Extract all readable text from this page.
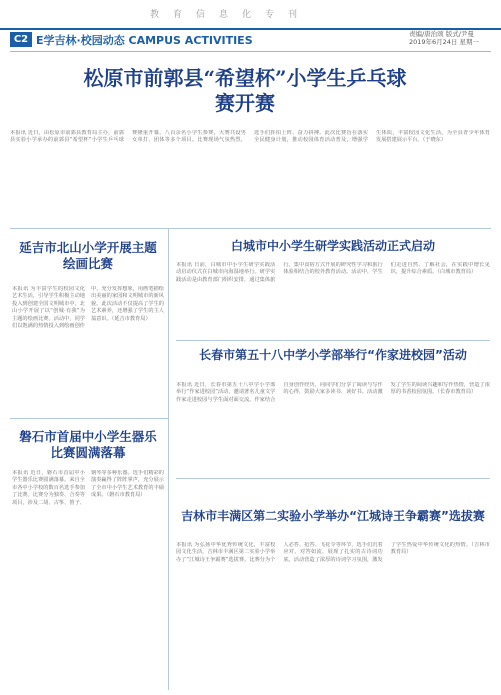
教育信息化专刊
C2 E学吉林·校园动态 CAMPUS ACTIVITIES	责编/唐治颂 版式/尹曼
2019年6月24日 星期一
松原市前郭县“希望杯”小学生乒乓球赛开赛
本报讯 近日，由松原市前郭县教育局主办，前郭县实验小学承办的前郭县“希望杯”小学生乒乓球赛隆重开幕。八百余名小学生参赛，大赛共设男女单打、团体等多个项目。比赛现场气氛热烈，选手们挥拍上阵、奋力拼搏。此次比赛旨在落实全民健身计划，推动校园体育活动普及，增强学生体质，丰富校园文化生活，为全县青少年体育发展搭建展示平台。（于晓东）
延吉市北山小学开展主题绘画比赛
本报讯 为丰富学生的校园文化艺术生活，引导学生积极主动地投入到创建全国文明城市中，北山小学开展了以“创城·有我”为主题的绘画比赛。活动中，同学们以饱满的热情投入到绘画创作中，充分发挥想象，用画笔描绘出美丽的家园和文明城市的新风貌。此次活动不仅提高了学生的艺术素养，还增强了学生的主人翁意识。（延吉市教育局）
白城市中小学生研学实践活动正式启动
本报讯 日前，白城市中小学生研学实践活动启动仪式在白城市向海湿地举行。研学实践活动是由教育部门组织安排，通过集体旅行、集中食宿方式开展的研究性学习和旅行体验相结合的校外教育活动。活动中，学生们走进自然、了解社会，在实践中增长见识，提升综合素质。（白城市教育局）
长春市第五十八中学小学部举行“作家进校园”活动
本报讯 近日，长春市第五十八中学小学部举行“作家进校园”活动，邀请著名儿童文学作家走进校园与学生面对面交流。作家结合自身创作经历，向同学们分享了阅读与写作的心得，鼓励大家多读书、读好书。活动激发了学生的阅读兴趣和写作热情，营造了浓厚的书香校园氛围。（长春市教育局）
磐石市首届中小学生器乐比赛圆满落幕
本报讯 近日，磐石市首届中小学生器乐比赛圆满落幕。来自全市各中小学校的数百名选手参加了比赛。比赛分为独奏、合奏等项目，涉及二胡、古筝、笛子、钢琴等多种乐器。选手们精彩的演奏赢得了阵阵掌声，充分展示了全市中小学生艺术教育的丰硕成果。（磐石市教育局）
吉林市丰满区第二实验小学举办“江城诗王争霸赛”选拔赛
本报讯 为弘扬中华优秀传统文化，丰富校园文化生活，吉林市丰满区第二实验小学举办了“江城诗王争霸赛”选拔赛。比赛分为个人必答、抢答、飞花令等环节，选手们沉着应对、对答如流，展现了扎实的古诗词功底。活动营造了浓厚的诗词学习氛围，激发了学生热爱中华传统文化的热情。（吉林市教育局）
